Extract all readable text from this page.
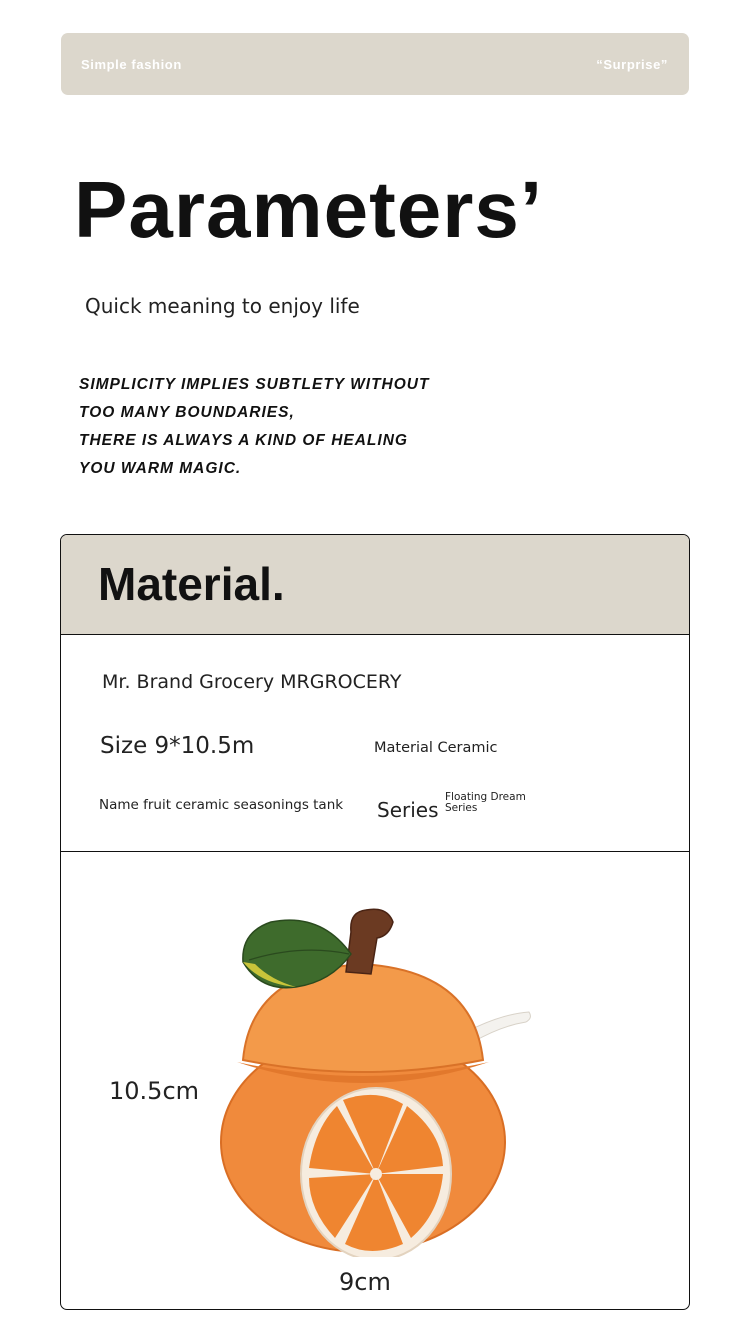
Simple fashion	“Surprise”
Parameters’
Quick meaning to enjoy life
SIMPLICITY IMPLIES SUBTLETY WITHOUT
TOO MANY BOUNDARIES,
THERE IS ALWAYS A KIND OF HEALING
YOU WARM MAGIC.
Material.
Mr. Brand Grocery MRGROCERY
Size 9*10.5m	Material Ceramic
Name fruit ceramic seasonings tank Series
Floating Dream Series
10.5cm
9cm
